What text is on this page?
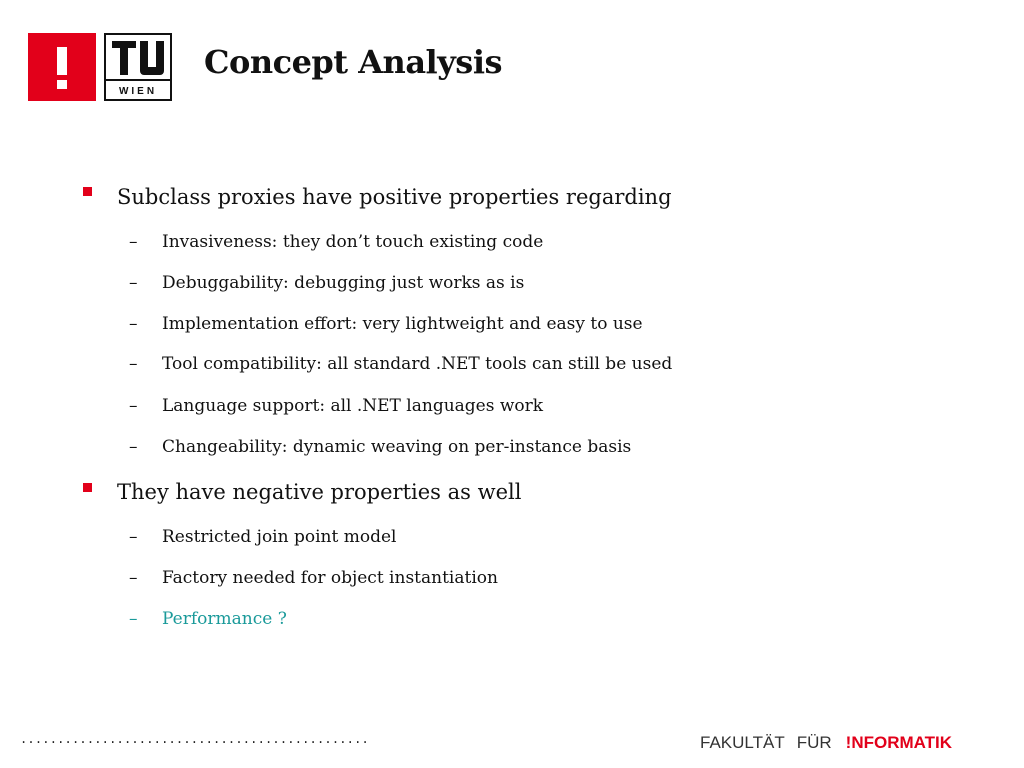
WIEN
Concept Analysis
Subclass proxies have positive properties regarding
– Invasiveness: they don’t touch existing code
– Debuggability: debugging just works as is
– Implementation effort: very lightweight and easy to use
– Tool compatibility: all standard .NET tools can still be used
– Language support: all .NET languages work
– Changeability: dynamic weaving on per-instance basis
They have negative properties as well
– Restricted join point model
– Factory needed for object instantiation
– Performance ?
...............................................	FAKULTÄT FÜR !NFORMATIK
